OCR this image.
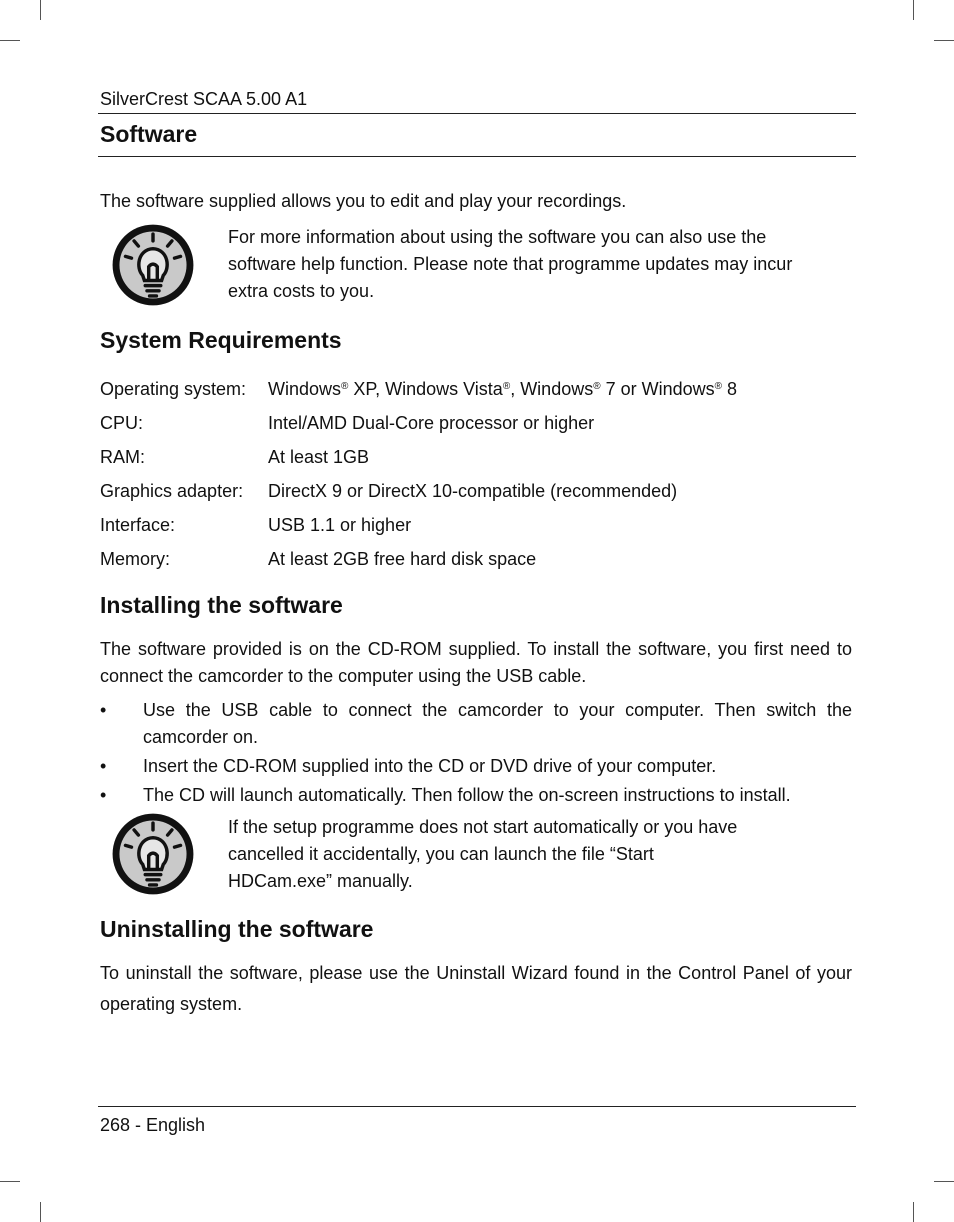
SilverCrest SCAA 5.00 A1
Software

The software supplied allows you to edit and play your recordings.

For more information about using the software you can also use the
software help function. Please note that programme updates may incur
extra costs to you.
System Requirements
Operating system:	Windows® XP, Windows Vista®, Windows® 7 or Windows® 8
CPU:	Intel/AMD Dual-Core processor or higher
RAM:	At least 1GB
Graphics adapter:	DirectX 9 or DirectX 10-compatible (recommended)
Interface:	USB 1.1 or higher
Memory:	At least 2GB free hard disk space
Installing the software

The software provided is on the CD-ROM supplied. To install the software, you first need to connect the camcorder to the computer using the USB cable.

• Use the USB cable to connect the camcorder to your computer. Then switch the camcorder on.
• Insert the CD-ROM supplied into the CD or DVD drive of your computer.
• The CD will launch automatically. Then follow the on-screen instructions to install.
If the setup programme does not start automatically or you have
cancelled it accidentally, you can launch the file “Start
HDCam.exe” manually.
Uninstalling the software

To uninstall the software, please use the Uninstall Wizard found in the Control Panel of your operating system.

268 - English
